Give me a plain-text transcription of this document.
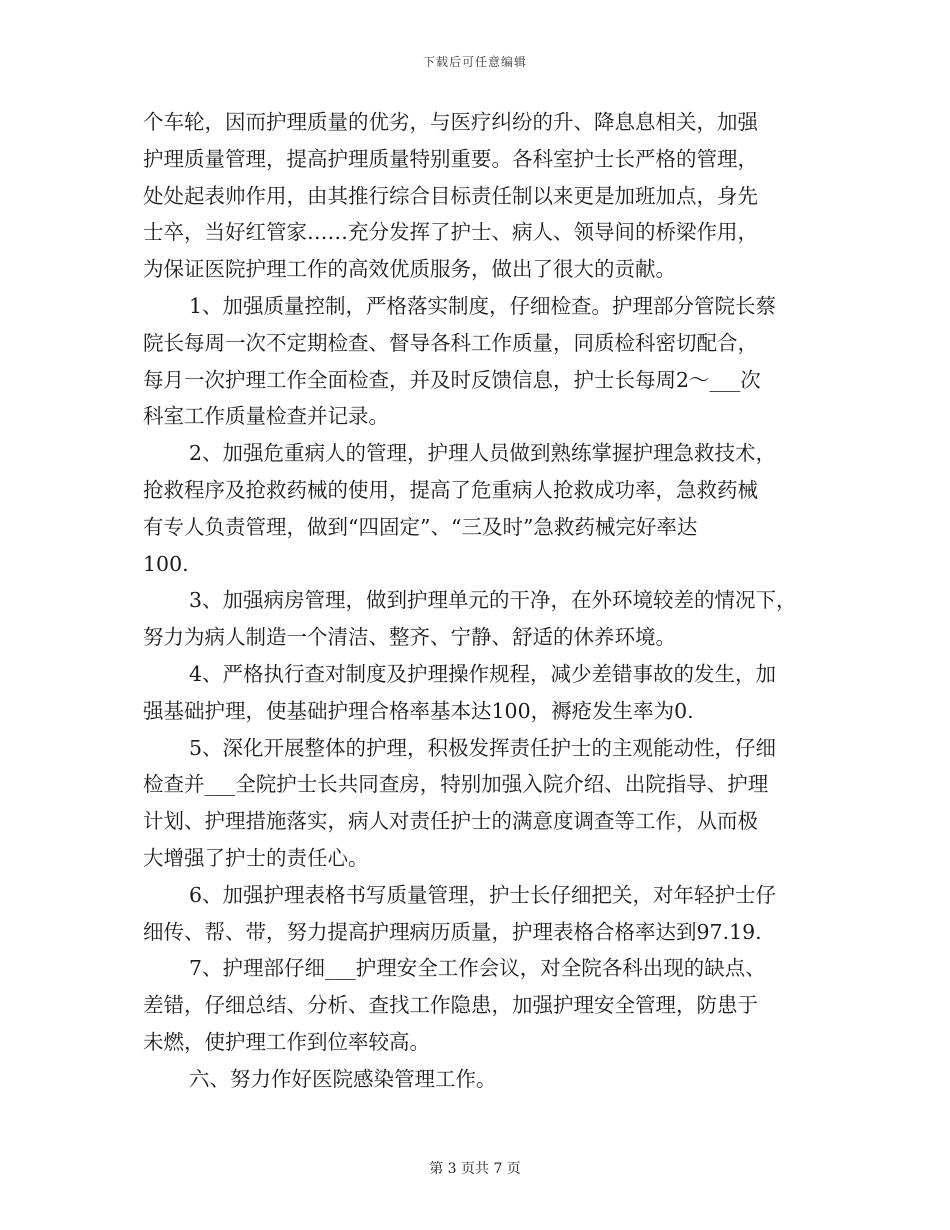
下载后可任意编辑
个车轮，因而护理质量的优劣，与医疗纠纷的升、降息息相关，加强
护理质量管理，提高护理质量特别重要。各科室护士长严格的管理，
处处起表帅作用，由其推行综合目标责任制以来更是加班加点，身先
士卒，当好红管家……充分发挥了护士、病人、领导间的桥梁作用，
为保证医院护理工作的高效优质服务，做出了很大的贡献。
1、加强质量控制，严格落实制度，仔细检查。护理部分管院长蔡
院长每周一次不定期检查、督导各科工作质量，同质检科密切配合，
每月一次护理工作全面检查，并及时反馈信息，护士长每周2～___次
科室工作质量检查并记录。
2、加强危重病人的管理，护理人员做到熟练掌握护理急救技术，
抢救程序及抢救药械的使用，提高了危重病人抢救成功率，急救药械
有专人负责管理，做到“四固定”、“三及时”急救药械完好率达
100.
3、加强病房管理，做到护理单元的干净，在外环境较差的情况下，
努力为病人制造一个清洁、整齐、宁静、舒适的休养环境。
4、严格执行查对制度及护理操作规程，减少差错事故的发生，加
强基础护理，使基础护理合格率基本达100，褥疮发生率为0.
5、深化开展整体的护理，积极发挥责任护士的主观能动性，仔细
检查并___全院护士长共同查房，特别加强入院介绍、出院指导、护理
计划、护理措施落实，病人对责任护士的满意度调查等工作，从而极
大增强了护士的责任心。
6、加强护理表格书写质量管理，护士长仔细把关，对年轻护士仔
细传、帮、带，努力提高护理病历质量，护理表格合格率达到97.19.
7、护理部仔细___护理安全工作会议，对全院各科出现的缺点、
差错，仔细总结、分析、查找工作隐患，加强护理安全管理，防患于
未燃，使护理工作到位率较高。
六、努力作好医院感染管理工作。
第 3 页共 7 页
